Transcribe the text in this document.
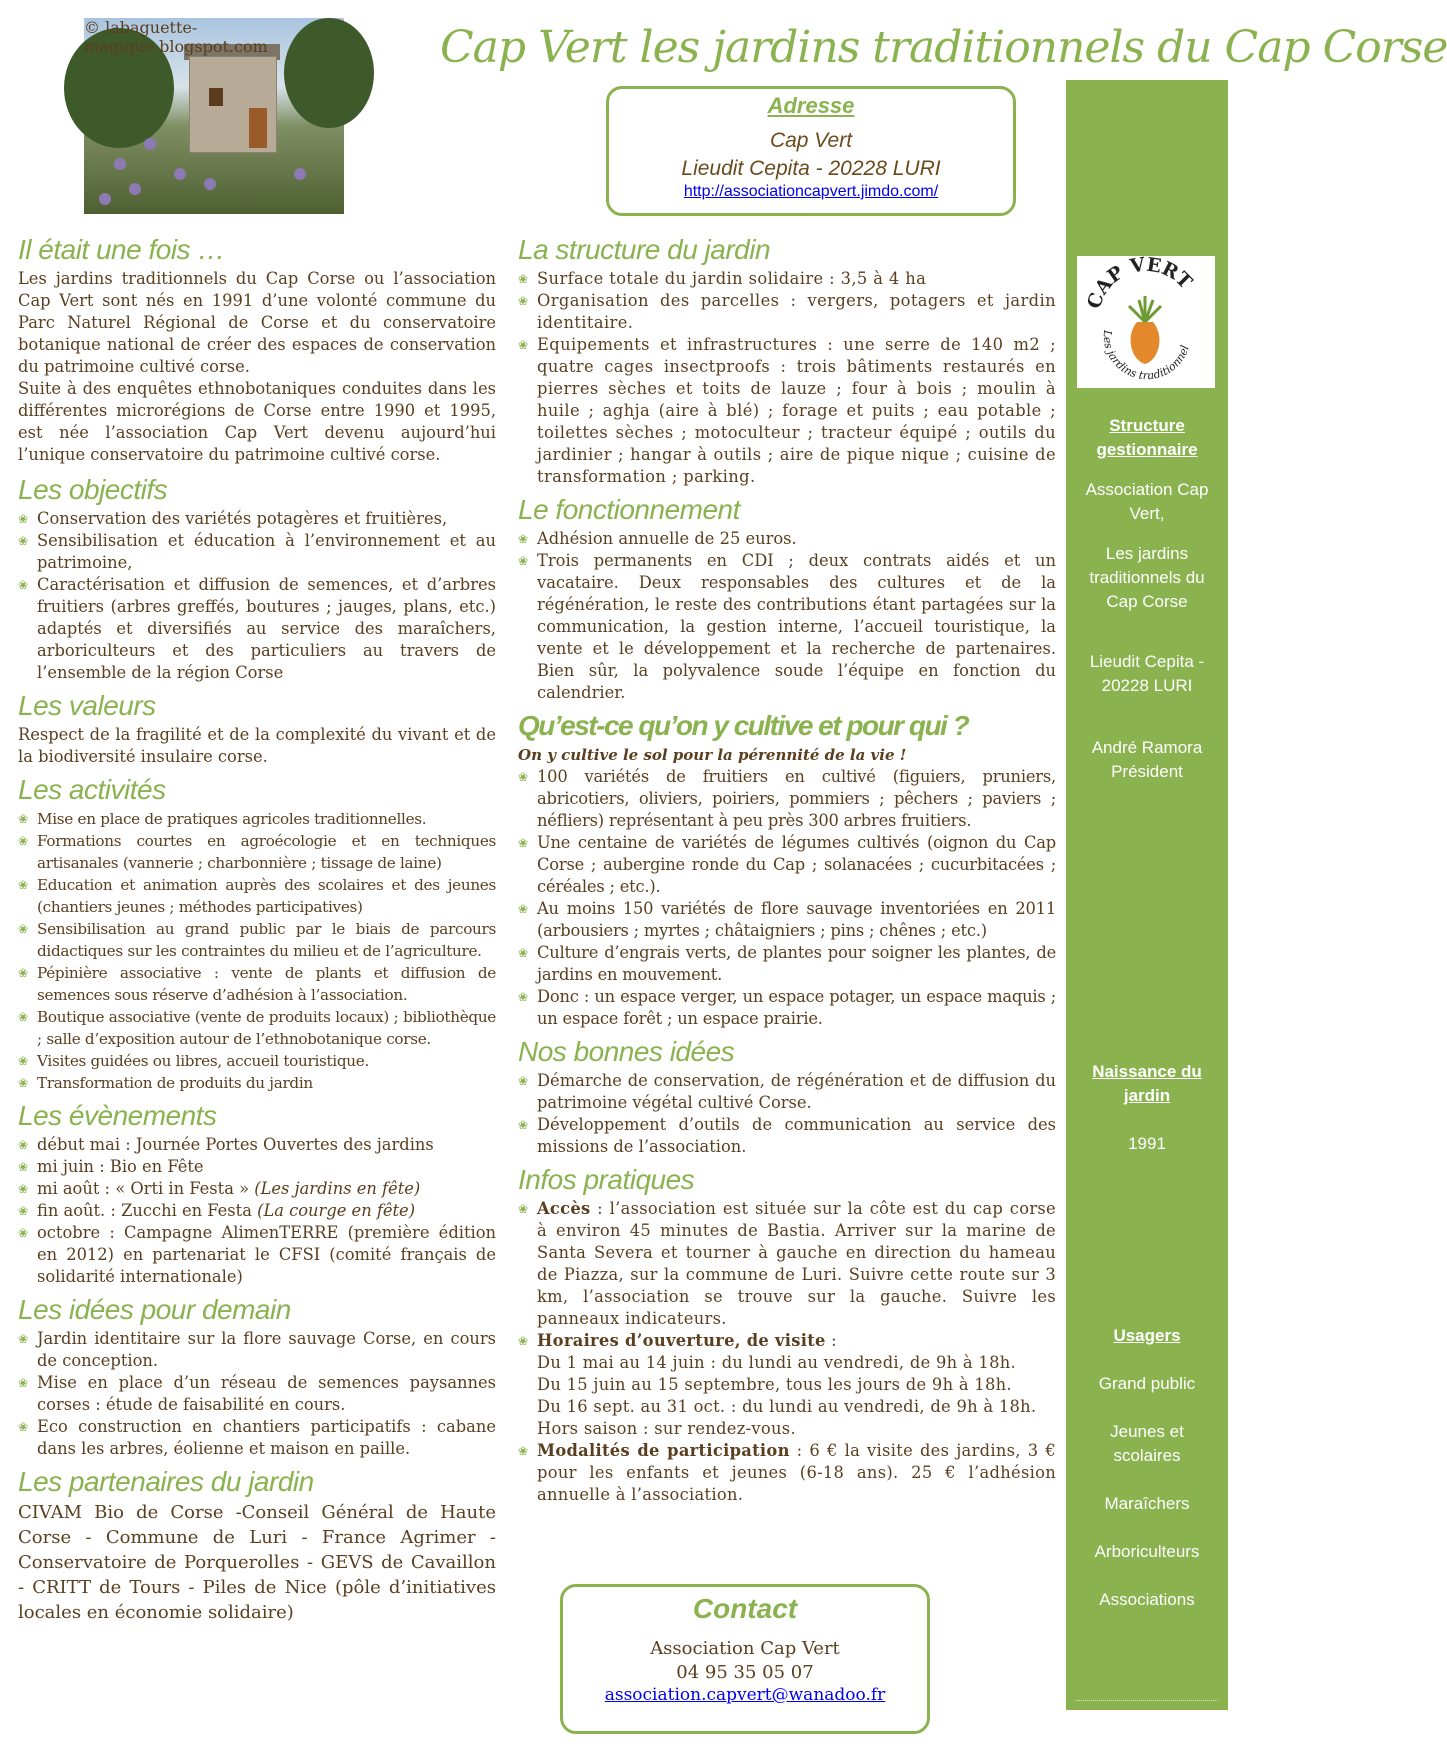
© labaguette-magique.blogspot.com	Cap Vert les jardins traditionnels du Cap Corse
Adresse
Cap Vert
Lieudit Cepita - 20228 LURI
http://associationcapvert.jimdo.com/
CAP VERT
Les jardins traditionnel
Structure gestionnaire
Association Cap Vert,
Les jardins traditionnels du Cap Corse
Lieudit Cepita - 20228 LURI
André Ramora Président
Naissance du jardin
1991
Usagers
Grand public
Jeunes et scolaires
Maraîchers
Arboriculteurs
Associations
Il était une fois …

Les jardins traditionnels du Cap Corse ou l’association Cap Vert sont nés en 1991 d’une volonté commune du Parc Naturel Régional de Corse et du conservatoire botanique national de créer des espaces de conservation du patrimoine cultivé corse.

Suite à des enquêtes ethnobotaniques conduites dans les différentes microrégions de Corse entre 1990 et 1995, est née l’association Cap Vert devenu aujourd’hui l’unique conservatoire du patrimoine cultivé corse.

Les objectifs
❀ Conservation des variétés potagères et fruitières,
❀ Sensibilisation et éducation à l’environnement et au patrimoine,
❀ Caractérisation et diffusion de semences, et d’arbres fruitiers (arbres greffés, boutures ; jauges, plans, etc.) adaptés et diversifiés au service des maraîchers, arboriculteurs et des particuliers au travers de l’ensemble de la région Corse
Les valeurs

Respect de la fragilité et de la complexité du vivant et de la biodiversité insulaire corse.

Les activités
❀ Mise en place de pratiques agricoles traditionnelles.
❀ Formations courtes en agroécologie et en techniques artisanales (vannerie ; charbonnière ; tissage de laine)
❀ Education et animation auprès des scolaires et des jeunes (chantiers jeunes ; méthodes participatives)
❀ Sensibilisation au grand public par le biais de parcours didactiques sur les contraintes du milieu et de l’agriculture.
❀ Pépinière associative : vente de plants et diffusion de semences sous réserve d’adhésion à l’association.
❀ Boutique associative (vente de produits locaux) ; bibliothèque ; salle d’exposition autour de l’ethnobotanique corse.
❀ Visites guidées ou libres, accueil touristique.
❀ Transformation de produits du jardin
Les évènements
❀ début mai : Journée Portes Ouvertes des jardins
❀ mi juin : Bio en Fête
❀ mi août : « Orti in Festa » (Les jardins en fête)
❀ fin août. : Zucchi en Festa (La courge en fête)
❀ octobre : Campagne AlimenTERRE (première édition en 2012) en partenariat le CFSI (comité français de solidarité internationale)
Les idées pour demain
❀ Jardin identitaire sur la flore sauvage Corse, en cours de conception.
❀ Mise en place d’un réseau de semences paysannes corses : étude de faisabilité en cours.
❀ Eco construction en chantiers participatifs : cabane dans les arbres, éolienne et maison en paille.
Les partenaires du jardin

CIVAM Bio de Corse -Conseil Général de Haute Corse - Commune de Luri - France Agrimer - Conservatoire de Porquerolles - GEVS de Cavaillon - CRITT de Tours - Piles de Nice (pôle d’initiatives locales en économie solidaire)

La structure du jardin
❀ Surface totale du jardin solidaire : 3,5 à 4 ha
❀ Organisation des parcelles : vergers, potagers et jardin identitaire.
❀ Equipements et infrastructures : une serre de 140 m2 ; quatre cages insectproofs : trois bâtiments restaurés en pierres sèches et toits de lauze ; four à bois ; moulin à huile ; aghja (aire à blé) ; forage et puits ; eau potable ; toilettes sèches ; motoculteur ; tracteur équipé ; outils du jardinier ; hangar à outils ; aire de pique nique ; cuisine de transformation ; parking.
Le fonctionnement
❀ Adhésion annuelle de 25 euros.
❀ Trois permanents en CDI ; deux contrats aidés et un vacataire. Deux responsables des cultures et de la régénération, le reste des contributions étant partagées sur la communication, la gestion interne, l’accueil touristique, la vente et le développement et la recherche de partenaires. Bien sûr, la polyvalence soude l’équipe en fonction du calendrier.
Qu’est-ce qu’on y cultive et pour qui ?
On y cultive le sol pour la pérennité de la vie !
❀ 100 variétés de fruitiers en cultivé (figuiers, pruniers, abricotiers, oliviers, poiriers, pommiers ; pêchers ; paviers ; néfliers) représentant à peu près 300 arbres fruitiers.
❀ Une centaine de variétés de légumes cultivés (oignon du Cap Corse ; aubergine ronde du Cap ; solanacées ; cucurbitacées ; céréales ; etc.).
❀ Au moins 150 variétés de flore sauvage inventoriées en 2011 (arbousiers ; myrtes ; châtaigniers ; pins ; chênes ; etc.)
❀ Culture d’engrais verts, de plantes pour soigner les plantes, de jardins en mouvement.
❀ Donc : un espace verger, un espace potager, un espace maquis ; un espace forêt ; un espace prairie.
Nos bonnes idées
❀ Démarche de conservation, de régénération et de diffusion du patrimoine végétal cultivé Corse.
❀ Développement d’outils de communication au service des missions de l’association.
Infos pratiques
❀ Accès : l’association est située sur la côte est du cap corse à environ 45 minutes de Bastia. Arriver sur la marine de Santa Severa et tourner à gauche en direction du hameau de Piazza, sur la commune de Luri. Suivre cette route sur 3 km, l’association se trouve sur la gauche. Suivre les panneaux indicateurs.
❀ Horaires d’ouverture, de visite :
Du 1 mai au 14 juin : du lundi au vendredi, de 9h à 18h.
Du 15 juin au 15 septembre, tous les jours de 9h à 18h.
Du 16 sept. au 31 oct. : du lundi au vendredi, de 9h à 18h.
Hors saison : sur rendez-vous.
❀ Modalités de participation : 6 € la visite des jardins, 3 € pour les enfants et jeunes (6-18 ans). 25 € l’adhésion annuelle à l’association.
Contact
Association Cap Vert
04 95 35 05 07
association.capvert@wanadoo.fr
